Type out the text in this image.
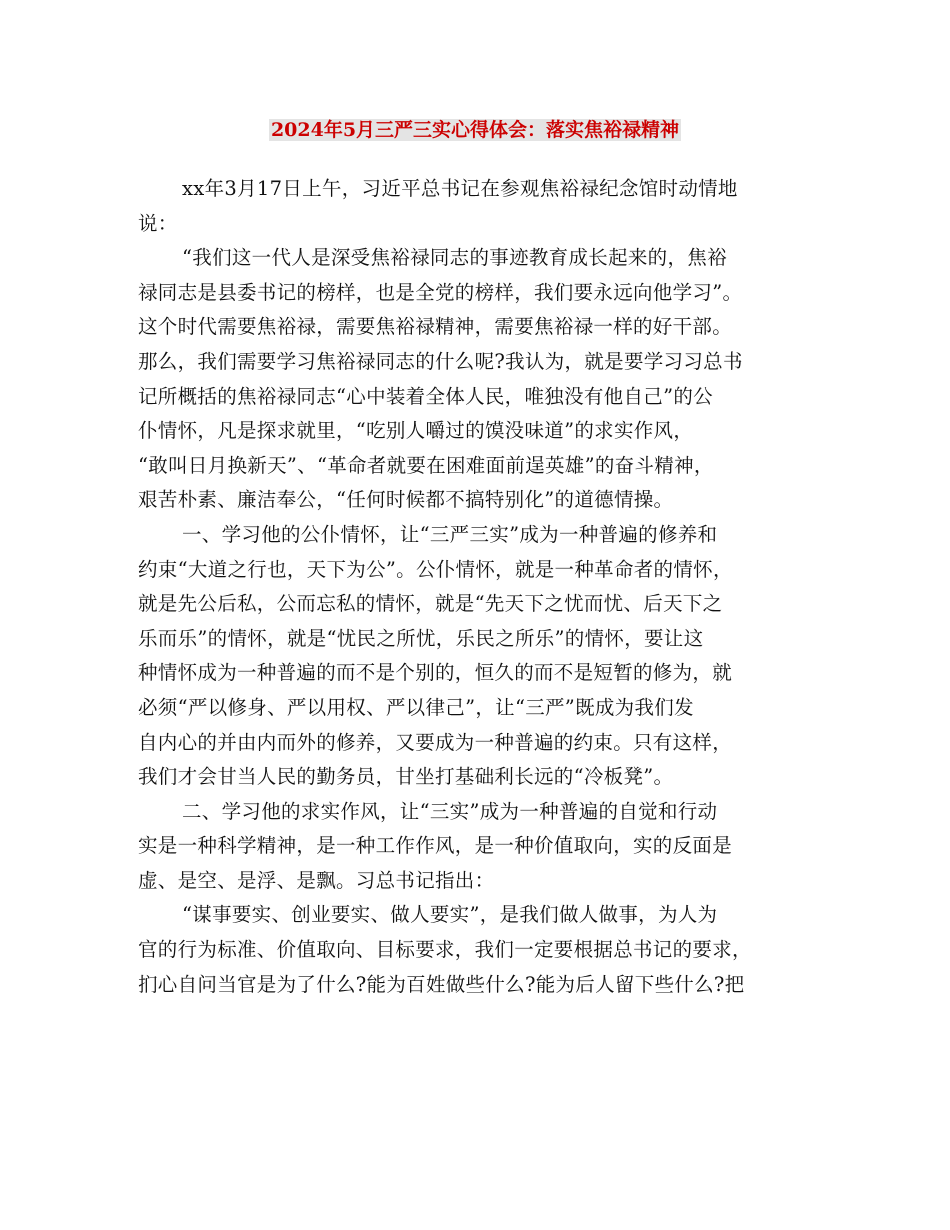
2024年5月三严三实心得体会：落实焦裕禄精神
xx年3月17日上午，习近平总书记在参观焦裕禄纪念馆时动情地
说：
“我们这一代人是深受焦裕禄同志的事迹教育成长起来的，焦裕
禄同志是县委书记的榜样，也是全党的榜样，我们要永远向他学习”。
这个时代需要焦裕禄，需要焦裕禄精神，需要焦裕禄一样的好干部。
那么，我们需要学习焦裕禄同志的什么呢?我认为，就是要学习习总书
记所概括的焦裕禄同志“心中装着全体人民，唯独没有他自己”的公
仆情怀，凡是探求就里，“吃别人嚼过的馍没味道”的求实作风，
“敢叫日月换新天”、“革命者就要在困难面前逞英雄”的奋斗精神，
艰苦朴素、廉洁奉公，“任何时候都不搞特别化”的道德情操。
一、学习他的公仆情怀，让“三严三实”成为一种普遍的修养和
约束“大道之行也，天下为公”。公仆情怀，就是一种革命者的情怀，
就是先公后私，公而忘私的情怀，就是“先天下之忧而忧、后天下之
乐而乐”的情怀，就是“忧民之所忧，乐民之所乐”的情怀，要让这
种情怀成为一种普遍的而不是个别的，恒久的而不是短暂的修为，就
必须“严以修身、严以用权、严以律己”，让“三严”既成为我们发
自内心的并由内而外的修养，又要成为一种普遍的约束。只有这样，
我们才会甘当人民的勤务员，甘坐打基础利长远的“冷板凳”。
二、学习他的求实作风，让“三实”成为一种普遍的自觉和行动
实是一种科学精神，是一种工作作风，是一种价值取向，实的反面是
虚、是空、是浮、是飘。习总书记指出：
“谋事要实、创业要实、做人要实”，是我们做人做事，为人为
官的行为标准、价值取向、目标要求，我们一定要根据总书记的要求，
扪心自问当官是为了什么?能为百姓做些什么?能为后人留下些什么?把
